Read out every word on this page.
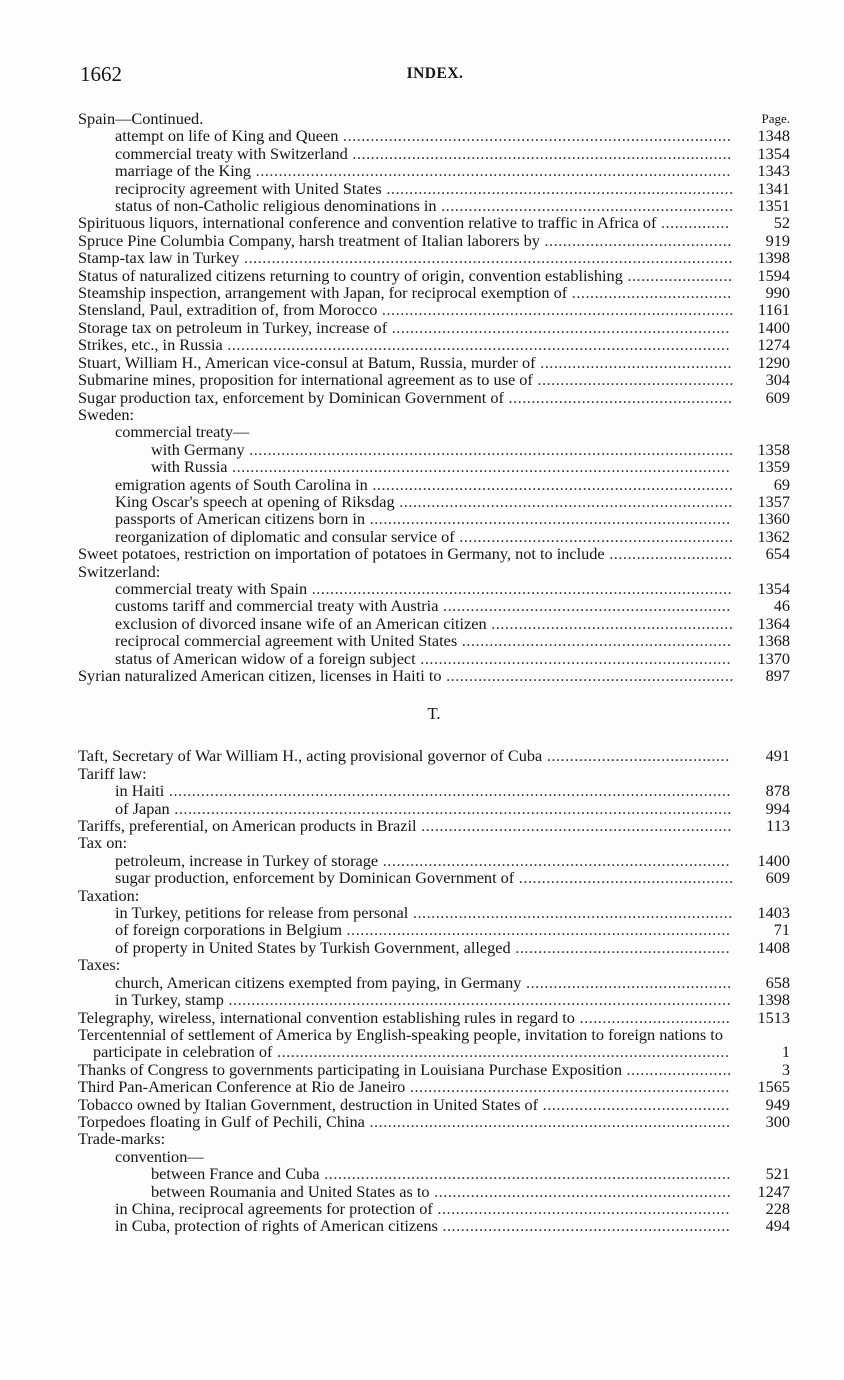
1662	INDEX.
Spain—Continued.	Page.
attempt on life of King and Queen .....................................................................................	1348
commercial treaty with Switzerland ...................................................................................	1354
marriage of the King ........................................................................................................	1343
reciprocity agreement with United States ............................................................................	1341
status of non-Catholic religious denominations in ................................................................	1351
Spirituous liquors, international conference and convention relative to traffic in Africa of ...............	52
Spruce Pine Columbia Company, harsh treatment of Italian laborers by .........................................	919
Stamp-tax law in Turkey ...........................................................................................................	1398
Status of naturalized citizens returning to country of origin, convention establishing .......................	1594
Steamship inspection, arrangement with Japan, for reciprocal exemption of ...................................	990
Stensland, Paul, extradition of, from Morocco .............................................................................	1161
Storage tax on petroleum in Turkey, increase of ..........................................................................	1400
Strikes, etc., in Russia ..............................................................................................................	1274
Stuart, William H., American vice-consul at Batum, Russia, murder of ..........................................	1290
Submarine mines, proposition for international agreement as to use of ...........................................	304
Sugar production tax, enforcement by Dominican Government of .................................................	609
Sweden:
commercial treaty—
with Germany ..........................................................................................................	1358
with Russia .............................................................................................................	1359
emigration agents of South Carolina in ...............................................................................	69
King Oscar's speech at opening of Riksdag .........................................................................	1357
passports of American citizens born in ...............................................................................	1360
reorganization of diplomatic and consular service of ............................................................	1362
Sweet potatoes, restriction on importation of potatoes in Germany, not to include ...........................	654
Switzerland:
commercial treaty with Spain ............................................................................................	1354
customs tariff and commercial treaty with Austria ...............................................................	46
exclusion of divorced insane wife of an American citizen .....................................................	1364
reciprocal commercial agreement with United States ...........................................................	1368
status of American widow of a foreign subject ....................................................................	1370
Syrian naturalized American citizen, licenses in Haiti to ...............................................................	897
T.
Taft, Secretary of War William H., acting provisional governor of Cuba ........................................	491
Tariff law:
in Haiti ...........................................................................................................................	878
of Japan ..........................................................................................................................	994
Tariffs, preferential, on American products in Brazil ....................................................................	113
Tax on:
petroleum, increase in Turkey of storage ............................................................................	1400
sugar production, enforcement by Dominican Government of ...............................................	609
Taxation:
in Turkey, petitions for release from personal ......................................................................	1403
of foreign corporations in Belgium ....................................................................................	71
of property in United States by Turkish Government, alleged ...............................................	1408
Taxes:
church, American citizens exempted from paying, in Germany .............................................	658
in Turkey, stamp ..............................................................................................................	1398
Telegraphy, wireless, international convention establishing rules in regard to .................................	1513
Tercentennial of settlement of America by English-speaking people, invitation to foreign nations to participate in celebration of ...................................................................................................	1
Thanks of Congress to governments participating in Louisiana Purchase Exposition .......................	3
Third Pan-American Conference at Rio de Janeiro ......................................................................	1565
Tobacco owned by Italian Government, destruction in United States of .........................................	949
Torpedoes floating in Gulf of Pechili, China ...............................................................................	300
Trade-marks:
convention—
between France and Cuba .........................................................................................	521
between Roumania and United States as to .................................................................	1247
in China, reciprocal agreements for protection of ................................................................	228
in Cuba, protection of rights of American citizens ...............................................................	494
